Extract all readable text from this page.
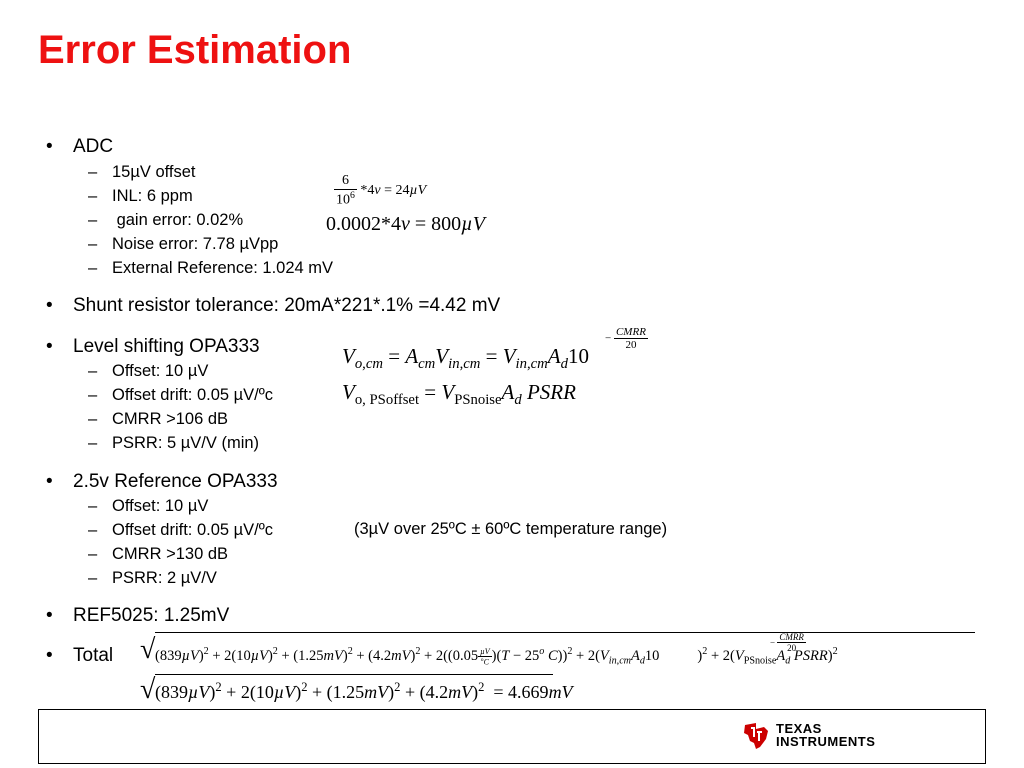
Error Estimation
• ADC
– 15µV offset
– INL: 6 ppm
– gain error: 0.02%
– Noise error: 7.78 µVpp
– External Reference: 1.024 mV
• Shunt resistor tolerance: 20mA*221*.1% =4.42 mV
• Level shifting OPA333
– Offset: 10 µV
– Offset drift: 0.05 µV/ºc
– CMRR >106 dB
– PSRR: 5 µV/V (min)
• 2.5v Reference OPA333
– Offset: 10 µV
– Offset drift: 0.05 µV/ºc
– CMRR >130 dB
– PSRR: 2 µV/V
(3µV over 25ºC ± 60ºC temperature range)
• REF5025: 1.25mV
• Total
$\frac{6}{10^6} *4v = 24\mu V$
0.0002*4v = 800µV
$V_{o,cm} = A_{cm}V_{in,cm} = V_{in,cm}A_d10$
− $\frac{\text{CMRR}}{20}$
$V_{o, PSoffset} = V_{PSnoise}A_d$ PSRR
√ $(839\mu V)^2 + 2(10\mu V)^2 + (1.25mV)^2 + (4.2mV)^2 + 2((0.05 \frac{\text{µV}}{^oC} )(T - 25^o$ $C))^2 + 2(V_{in,cm}A_d10$	)$^2 + 2(V_{PSnoise}A_d$ PSRR)$^2$
− $\frac{\text{CMRR}}{20}$
√ $(839\mu V)^2 + 2(10\mu V)^2 + (1.25mV)^2 + (4.2mV)^2 = 4.669mV$
TEXAS
INSTRUMENTS
